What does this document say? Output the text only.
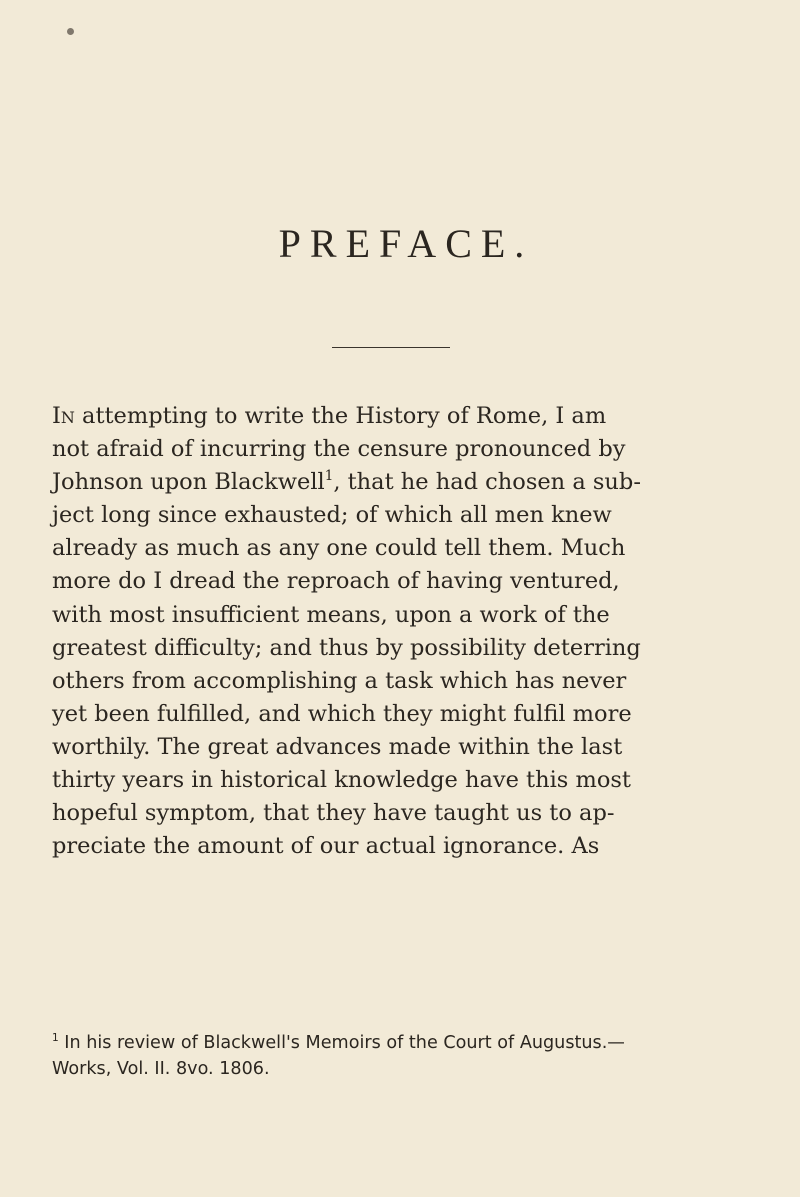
PREFACE.
In attempting to write the History of Rome, I am
not afraid of incurring the censure pronounced by
Johnson upon Blackwell$^1$, that he had chosen a sub-
ject long since exhausted; of which all men knew
already as much as any one could tell them. Much
more do I dread the reproach of having ventured,
with most insufficient means, upon a work of the
greatest difficulty; and thus by possibility deterring
others from accomplishing a task which has never
yet been fulfilled, and which they might fulfil more
worthily. The great advances made within the last
thirty years in historical knowledge have this most
hopeful symptom, that they have taught us to ap-
preciate the amount of our actual ignorance. As
$^1$ In his review of Blackwell's Memoirs of the Court of Augustus.—
Works, Vol. II. 8vo. 1806.
